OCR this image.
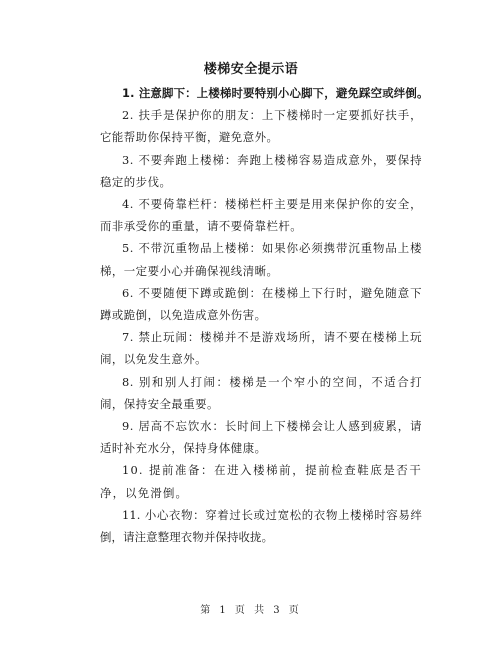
楼梯安全提示语

1. 注意脚下：上楼梯时要特别小心脚下，避免踩空或绊倒。

2. 扶手是保护你的朋友：上下楼梯时一定要抓好扶手，它能帮助你保持平衡，避免意外。

3. 不要奔跑上楼梯：奔跑上楼梯容易造成意外，要保持稳定的步伐。

4. 不要倚靠栏杆：楼梯栏杆主要是用来保护你的安全，而非承受你的重量，请不要倚靠栏杆。

5. 不带沉重物品上楼梯：如果你必须携带沉重物品上楼梯，一定要小心并确保视线清晰。

6. 不要随便下蹲或跪倒：在楼梯上下行时，避免随意下蹲或跪倒，以免造成意外伤害。

7. 禁止玩闹：楼梯并不是游戏场所，请不要在楼梯上玩闹，以免发生意外。

8. 别和别人打闹：楼梯是一个窄小的空间，不适合打闹，保持安全最重要。

9. 居高不忘饮水：长时间上下楼梯会让人感到疲累，请适时补充水分，保持身体健康。

10. 提前准备：在进入楼梯前，提前检查鞋底是否干净，以免滑倒。

11. 小心衣物：穿着过长或过宽松的衣物上楼梯时容易绊倒，请注意整理衣物并保持收拢。

第 1 页 共 3 页
